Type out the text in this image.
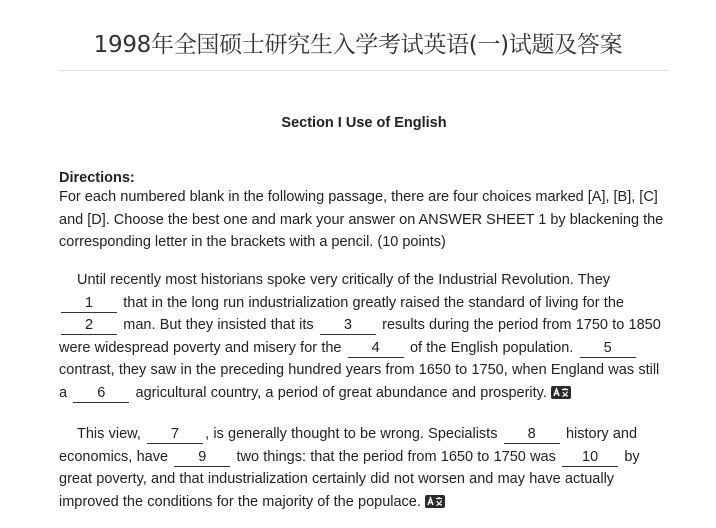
1998年全国硕士研究生入学考试英语(一)试题及答案
Section I Use of English
Directions:
For each numbered blank in the following passage, there are four choices marked [A], [B], [C] and [D]. Choose the best one and mark your answer on ANSWER SHEET 1 by blackening the corresponding letter in the brackets with a pencil. (10 points)

Until recently most historians spoke very critically of the Industrial Revolution. They 1 that in the long run industrialization greatly raised the standard of living for the 2 man. But they insisted that its 3 results during the period from 1750 to 1850 were widespread poverty and misery for the 4 of the English population. 5 contrast, they saw in the preceding hundred years from 1650 to 1750, when England was still a 6 agricultural country, a period of great abundance and prosperity.

This view, 7 , is generally thought to be wrong. Specialists 8 history and economics, have 9 two things: that the period from 1650 to 1750 was 10 by great poverty, and that industrialization certainly did not worsen and may have actually improved the conditions for the majority of the populace.
